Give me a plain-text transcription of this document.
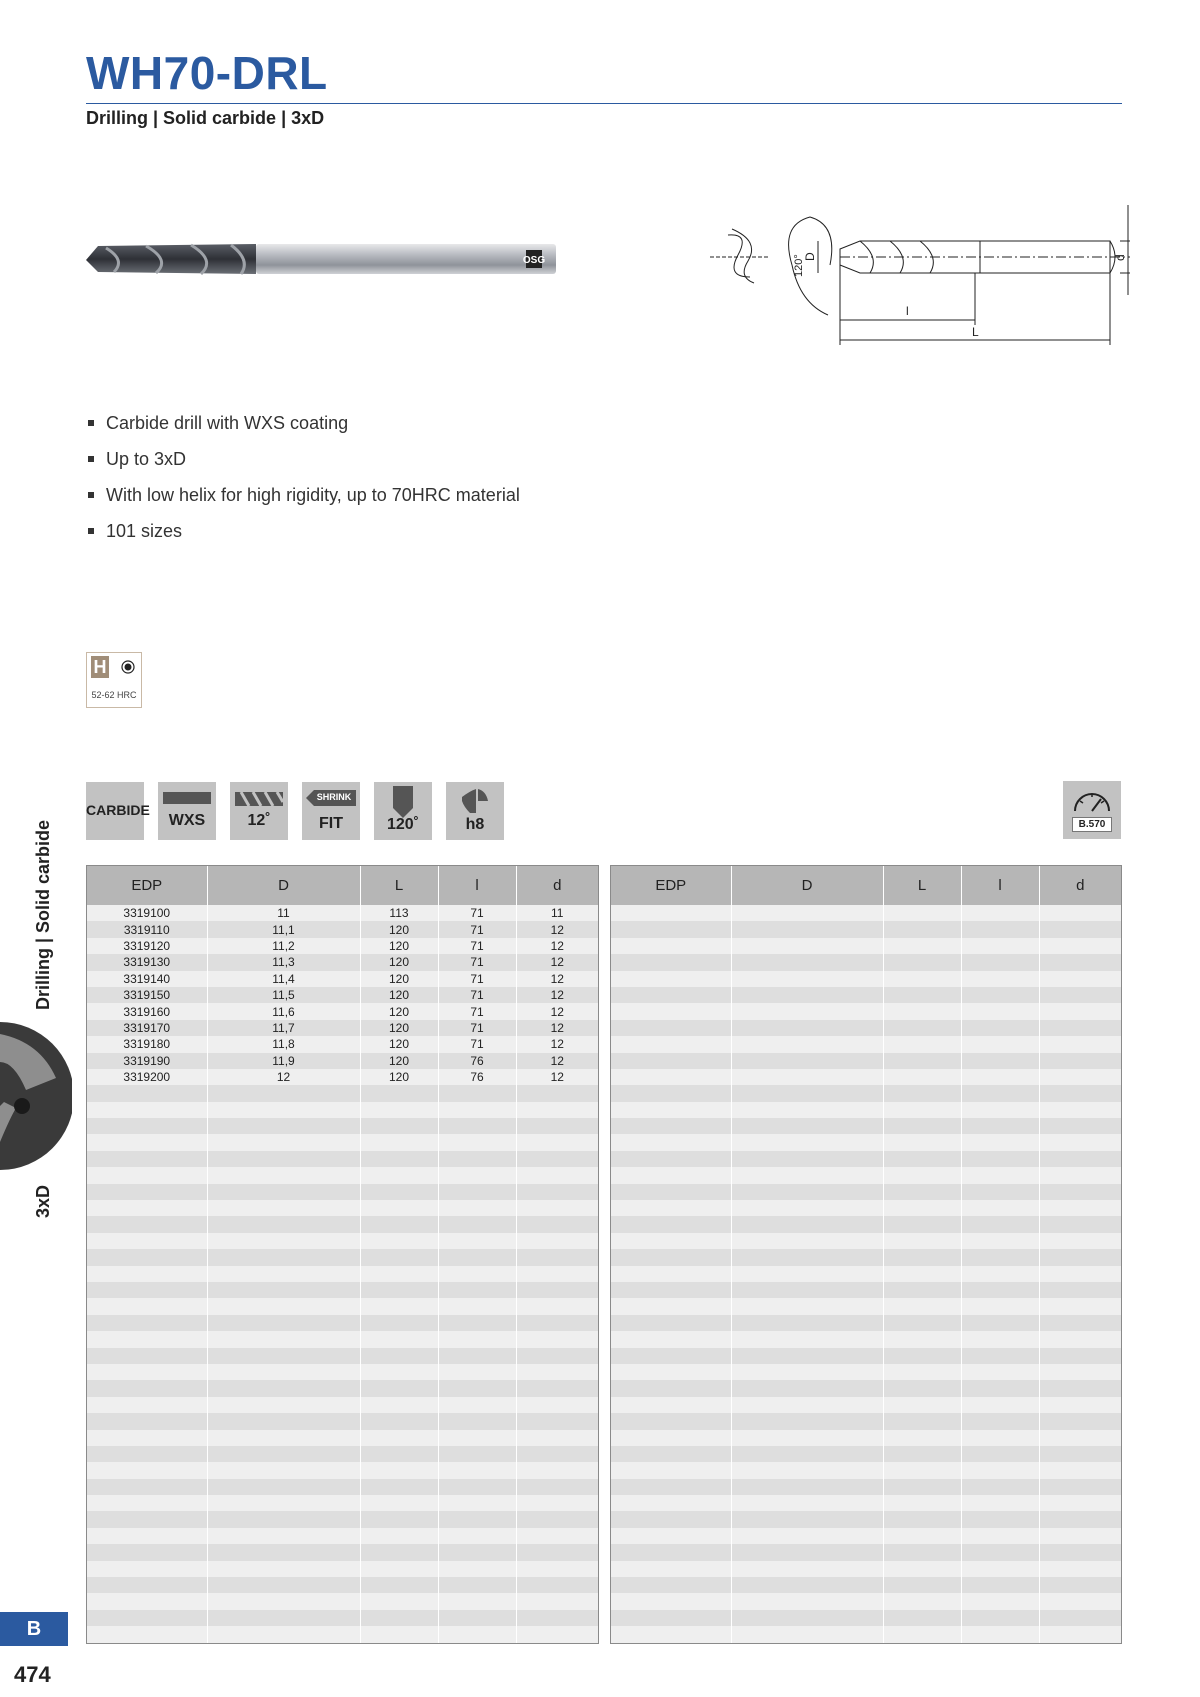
WH70-DRL
Drilling | Solid carbide | 3xD
OSG	120°
D	d
l
L
Carbide drill with WXS coating
Up to 3xD
With low helix for high rigidity, up to 70HRC material
101 sizes
H
52-62 HRC
CARBIDE
WXS	12˚
SHRINK
FIT	120˚	h8	B.570
Drilling | Solid carbide
3xD
B
474
EDP	D	L	l	d
3319100	11	113	71	11
3319110	11,1	120	71	12
3319120	11,2	120	71	12
3319130	11,3	120	71	12
3319140	11,4	120	71	12
3319150	11,5	120	71	12
3319160	11,6	120	71	12
3319170	11,7	120	71	12
3319180	11,8	120	71	12
3319190	11,9	120	76	12
3319200	12	120	76	12

EDP	D	L	l	d
